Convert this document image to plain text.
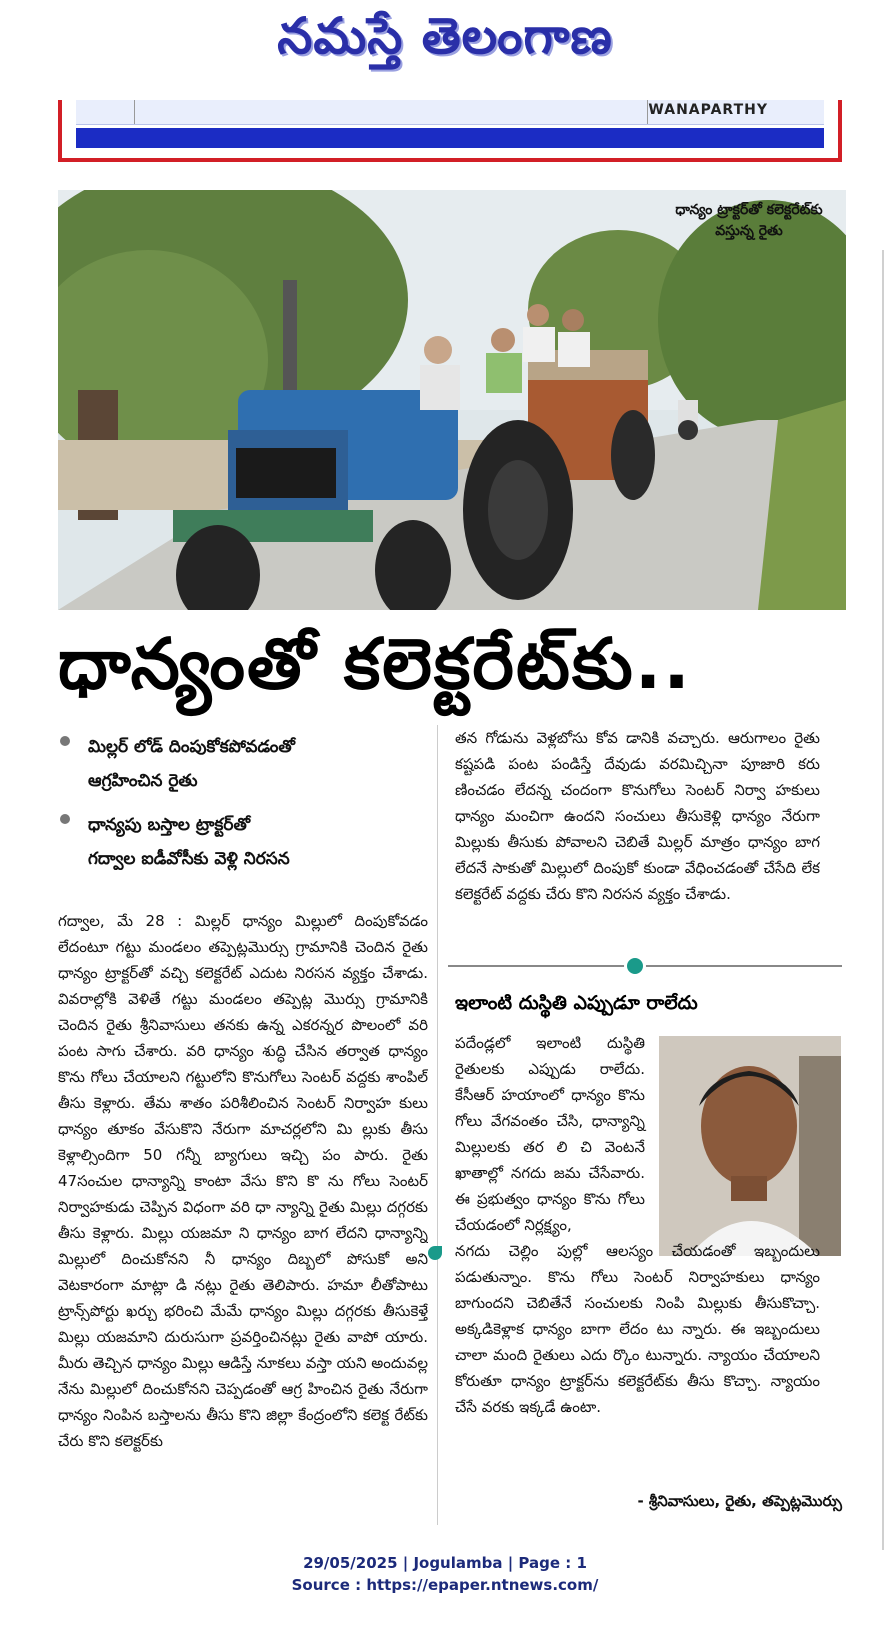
నమస్తే తెలంగాణ
WANAPARTHY
ధాన్యం ట్రాక్టర్‌తో కలెక్టరేట్‌కు వస్తున్న రైతు
ధాన్యంతో కలెక్టరేట్‌కు..
మిల్లర్ లోడ్ దింపుకోకపోవడంతో
ఆగ్రహించిన రైతు
ధాన్యపు బస్తాల ట్రాక్టర్‌తో
గద్వాల ఐడీవోసీకు వెళ్లి నిరసన

గద్వాల, మే 28 : మిల్లర్ ధాన్యం మిల్లులో దింపుకోవడం లేదంటూ గట్టు మండలం తప్పెట్లమొర్సు గ్రామానికి చెందిన రైతు ధాన్యం ట్రాక్టర్‌తో వచ్చి కలెక్టరేట్ ఎదుట నిరసన వ్యక్తం చేశాడు. వివరాల్లోకి వెళితే గట్టు మండలం తప్పెట్ల మొర్సు గ్రామానికి చెందిన రైతు శ్రీనివాసులు తనకు ఉన్న ఎకరన్నర పొలంలో వరి పంట సాగు చేశారు. వరి ధాన్యం శుద్ధి చేసిన తర్వాత ధాన్యం కొను గోలు చేయాలని గట్టులోని కొనుగోలు సెంటర్ వద్దకు శాంపిల్ తీసు కెళ్లారు. తేమ శాతం పరిశీలించిన సెంటర్ నిర్వాహ కులు ధాన్యం తూకం వేసుకొని నేరుగా మాచర్లలోని మి ల్లుకు తీసు కెళ్లాల్సిందిగా 50 గన్నీ బ్యాగులు ఇచ్చి పం పారు. రైతు 47సంచుల ధాన్యాన్ని కాంటా వేసు కొని కొ ను గోలు సెంటర్ నిర్వాహకుడు చెప్పిన విధంగా వరి ధా న్యాన్ని రైతు మిల్లు దగ్గరకు తీసు కెళ్లారు. మిల్లు యజమా ని ధాన్యం బాగ లేదని ధాన్యాన్ని మిల్లులో దించుకోనని నీ ధాన్యం దిబ్బలో పోసుకో అని వెటకారంగా మాట్లా డి నట్లు రైతు తెలిపారు. హమా లీతోపాటు ట్రాన్స్‌పోర్టు ఖర్చు భరించి మేమే ధాన్యం మిల్లు దగ్గరకు తీసుకెళ్తే మిల్లు యజమాని దురుసుగా ప్రవర్తించినట్లు రైతు వాపో యారు. మీరు తెచ్చిన ధాన్యం మిల్లు ఆడిస్తే నూకలు వస్తా యని అందువల్ల నేను మిల్లులో దించుకోనని చెప్పడంతో ఆగ్ర హించిన రైతు నేరుగా ధాన్యం నింపిన బస్తాలను తీసు కొని జిల్లా కేంద్రంలోని కలెక్ట రేట్‌కు చేరు కొని కలెక్టర్‌కు

తన గోడును వెళ్లబోసు కోవ డానికి వచ్చారు. ఆరుగాలం రైతు కష్టపడి పంట పండిస్తే దేవుడు వరమిచ్చినా పూజారి కరు ణించడం లేదన్న చందంగా కొనుగోలు సెంటర్ నిర్వా హకులు ధాన్యం మంచిగా ఉందని సంచులు తీసుకెళ్లి ధాన్యం నేరుగా మిల్లుకు తీసుకు పోవాలని చెబితే మిల్లర్ మాత్రం ధాన్యం బాగ లేదనే సాకుతో మిల్లులో దింపుకో కుండా వేధించడంతో చేసేది లేక కలెక్టరేట్ వద్దకు చేరు కొని నిరసన వ్యక్తం చేశాడు.

ఇలాంటి దుస్థితి ఎప్పుడూ రాలేదు

పదేండ్లలో ఇలాంటి దుస్థితి రైతులకు ఎప్పుడు రాలేదు. కేసీఆర్ హయాంలో ధాన్యం కొను గోలు వేగవంతం చేసి, ధాన్యాన్ని మిల్లులకు తర లి చి వెంటనే ఖాతాల్లో నగదు జమ చేసేవారు. ఈ ప్రభుత్వం ధాన్యం కొను గోలు చేయడంలో నిర్లక్ష్యం,

నగదు చెల్లిం పుల్లో ఆలస్యం చేయడంతో ఇబ్బందులు పడుతున్నాం. కొను గోలు సెంటర్ నిర్వాహకులు ధాన్యం బాగుందని చెబితేనే సంచులకు నింపి మిల్లుకు తీసుకొచ్చా. అక్కడికెళ్లాక ధాన్యం బాగా లేదం టు న్నారు. ఈ ఇబ్బందులు చాలా మంది రైతులు ఎదు ర్కొం టున్నారు. న్యాయం చేయాలని కోరుతూ ధాన్యం ట్రాక్టర్‌ను కలెక్టరేట్‌కు తీసు కొచ్చా. న్యాయం చేసే వరకు ఇక్కడే ఉంటా.

- శ్రీనివాసులు, రైతు, తప్పెట్లమొర్సు
29/05/2025 | Jogulamba | Page : 1
Source : https://epaper.ntnews.com/
